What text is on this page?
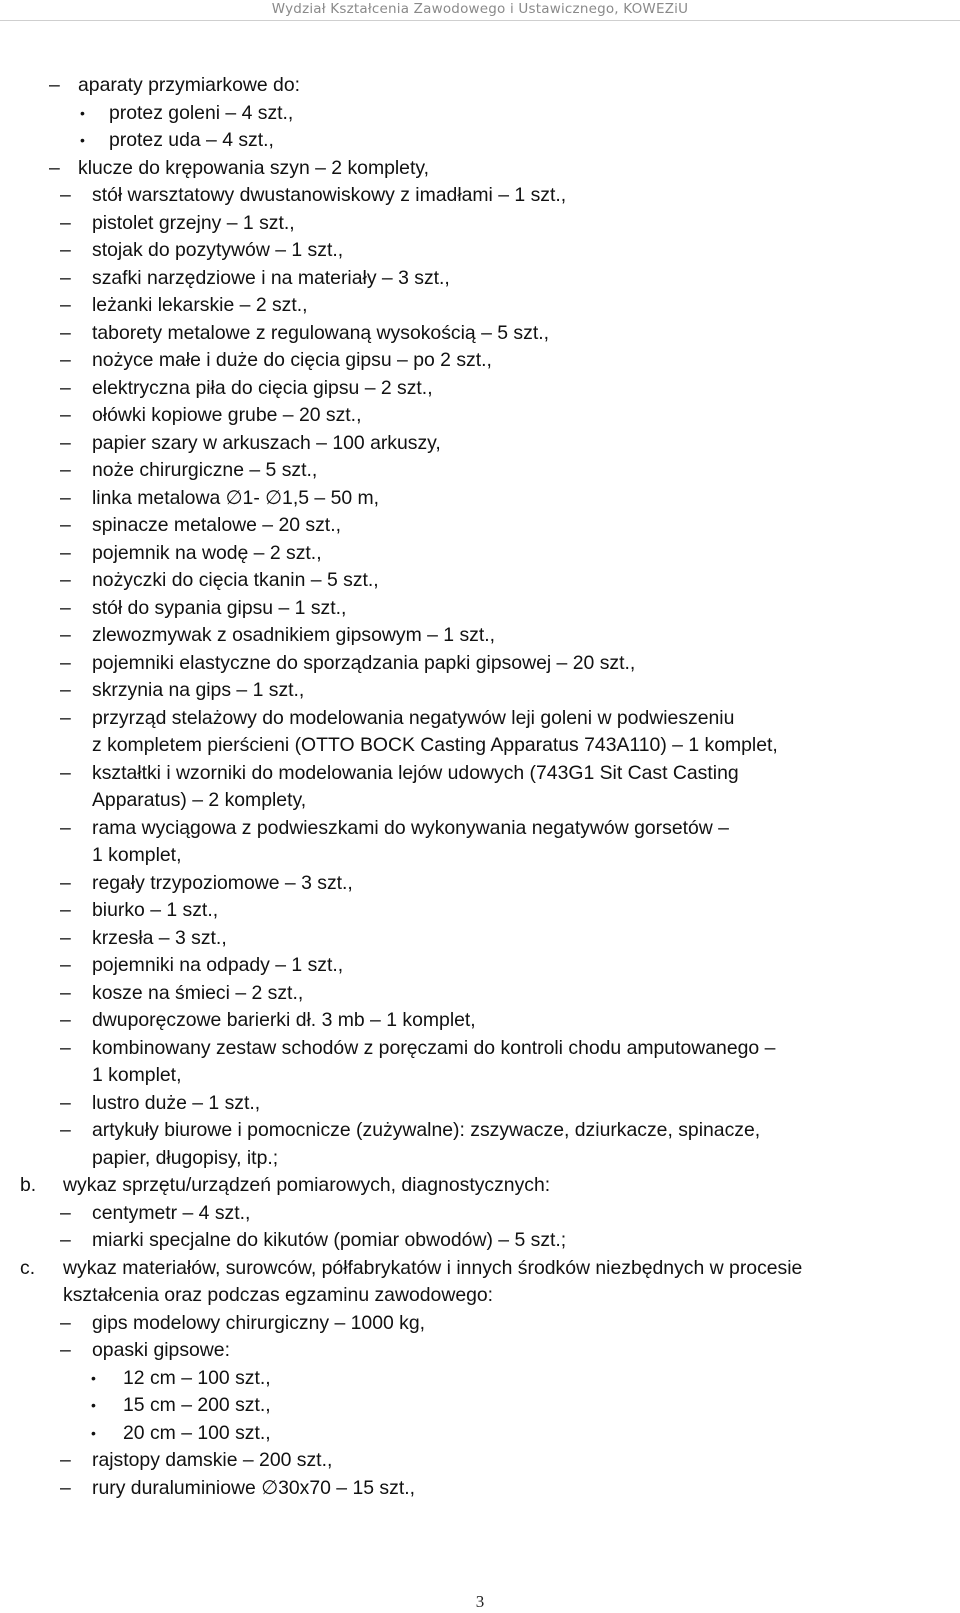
Wydział Kształcenia Zawodowego i Ustawicznego, KOWEZiU
– aparaty przymiarkowe do:
• protez goleni – 4 szt.,
• protez uda – 4 szt.,
– klucze do krępowania szyn – 2 komplety,
– stół warsztatowy dwustanowiskowy z imadłami – 1 szt.,
– pistolet grzejny – 1 szt.,
– stojak do pozytywów – 1 szt.,
– szafki narzędziowe i na materiały – 3 szt.,
– leżanki lekarskie – 2 szt.,
– taborety metalowe z regulowaną wysokością – 5 szt.,
– nożyce małe i duże do cięcia gipsu – po 2 szt.,
– elektryczna piła do cięcia gipsu – 2 szt.,
– ołówki kopiowe grube – 20 szt.,
– papier szary w arkuszach – 100 arkuszy,
– noże chirurgiczne – 5 szt.,
– linka metalowa ∅1- ∅1,5 – 50 m,
– spinacze metalowe – 20 szt.,
– pojemnik na wodę – 2 szt.,
– nożyczki do cięcia tkanin – 5 szt.,
– stół do sypania gipsu – 1 szt.,
– zlewozmywak z osadnikiem gipsowym – 1 szt.,
– pojemniki elastyczne do sporządzania papki gipsowej – 20 szt.,
– skrzynia na gips – 1 szt.,
– przyrząd stelażowy do modelowania negatywów leji goleni w podwieszeniu
z kompletem pierścieni (OTTO BOCK Casting Apparatus 743A110) – 1 komplet,
– kształtki i wzorniki do modelowania lejów udowych (743G1 Sit Cast Casting
Apparatus) – 2 komplety,
– rama wyciągowa z podwieszkami do wykonywania negatywów gorsetów –
1 komplet,
– regały trzypoziomowe – 3 szt.,
– biurko – 1 szt.,
– krzesła – 3 szt.,
– pojemniki na odpady – 1 szt.,
– kosze na śmieci – 2 szt.,
– dwuporęczowe barierki dł. 3 mb – 1 komplet,
– kombinowany zestaw schodów z poręczami do kontroli chodu amputowanego –
1 komplet,
– lustro duże – 1 szt.,
– artykuły biurowe i pomocnicze (zużywalne): zszywacze, dziurkacze, spinacze,
papier, długopisy, itp.;
b. wykaz sprzętu/urządzeń pomiarowych, diagnostycznych:
– centymetr – 4 szt.,
– miarki specjalne do kikutów (pomiar obwodów) – 5 szt.;
c. wykaz materiałów, surowców, półfabrykatów i innych środków niezbędnych w procesie
kształcenia oraz podczas egzaminu zawodowego:
– gips modelowy chirurgiczny – 1000 kg,
– opaski gipsowe:
• 12 cm – 100 szt.,
• 15 cm – 200 szt.,
• 20 cm – 100 szt.,
– rajstopy damskie – 200 szt.,
– rury duraluminiowe ∅30x70 – 15 szt.,
3
